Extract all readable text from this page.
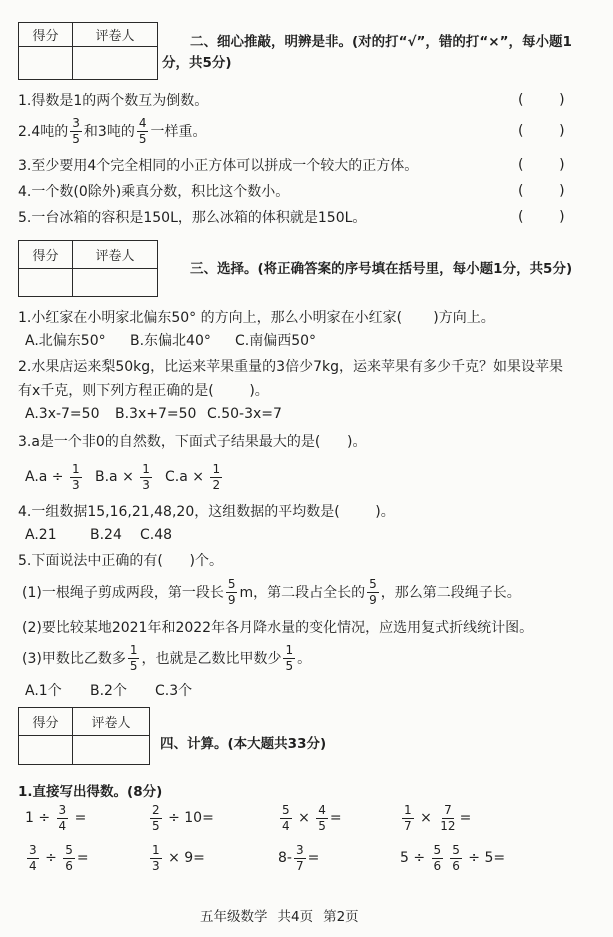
得分	评卷人	二、细心推敲，明辨是非。(对的打“√”，错的打“×”，每小题1
分，共5分)
1.得数是1的两个数互为倒数。	(        )
2.4吨的 $\frac{3}{5}$ 和3吨的 $\frac{4}{5}$ 一样重。	(        )
3.至少要用4个完全相同的小正方体可以拼成一个较大的正方体。	(        )
4.一个数(0除外)乘真分数，积比这个数小。	(        )
5.一台冰箱的容积是150L，那么冰箱的体积就是150L。	(        )
得分	评卷人
三、选择。(将正确答案的序号填在括号里，每小题1分，共5分)
1.小红家在小明家北偏东50° 的方向上，那么小明家在小红家(       )方向上。
A.北偏东50° B.东偏北40° C.南偏西50°
2.水果店运来梨50kg，比运来苹果重量的3倍少7kg，运来苹果有多少千克？如果设苹果
有x千克，则下列方程正确的是(        )。
A.3x-7=50 B.3x+7=50 C.50-3x=7
3.a是一个非0的自然数，下面式子结果最大的是(      )。
$A.a \div \frac{1}{3} B.a \times \frac{1}{3} C.a \times \frac{1}{2}$
4.一组数据15,16,21,48,20，这组数据的平均数是(        )。
A.21 B.24 C.48
5.下面说法中正确的有(      )个。
(1)一根绳子剪成两段，第一段长 $\frac{5}{9}$ m，第二段占全长的 $\frac{5}{9}$ ，那么第二段绳子长。
(2)要比较某地2021年和2022年各月降水量的变化情况，应选用复式折线统计图。
(3)甲数比乙数多 $\frac{1}{5}$ ，也就是乙数比甲数少 $\frac{1}{5}$ 。
A.1个 B.2个 C.3个
得分	评卷人
四、计算。(本大题共33分)
1.直接写出得数。(8分)
$1 \div \frac{3}{4}$ =	$\frac{2}{5} \div 10=$	$\frac{5}{4} \times \frac{4}{5}$ =	$\frac{1}{7} \times \frac{7}{12}$ =
$\frac{3}{4} \div \frac{5}{6}$ =	$\frac{1}{3} \times 9=$	$8- \frac{3}{7}$ =	$5 \div \frac{5}{6} \frac{5}{6} \div 5=$
五年级数学 共4页 第2页
